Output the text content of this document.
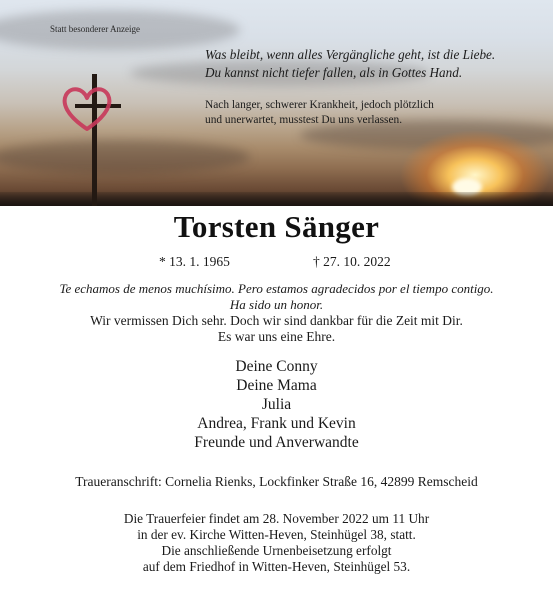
Statt besonderer Anzeige
Was bleibt, wenn alles Vergängliche geht, ist die Liebe.
Du kannst nicht tiefer fallen, als in Gottes Hand.
Nach langer, schwerer Krankheit, jedoch plötzlich
und unerwartet, musstest Du uns verlassen.
Torsten Sänger
* 13. 1. 1965	† 27. 10. 2022
Te echamos de menos muchísimo. Pero estamos agradecidos por el tiempo contigo.
Ha sido un honor.
Wir vermissen Dich sehr. Doch wir sind dankbar für die Zeit mit Dir.
Es war uns eine Ehre.
Deine Conny
Deine Mama
Julia
Andrea, Frank und Kevin
Freunde und Anverwandte
Traueranschrift: Cornelia Rienks, Lockfinker Straße 16, 42899 Remscheid
Die Trauerfeier findet am 28. November 2022 um 11 Uhr
in der ev. Kirche Witten-Heven, Steinhügel 38, statt.
Die anschließende Urnenbeisetzung erfolgt
auf dem Friedhof in Witten-Heven, Steinhügel 53.
